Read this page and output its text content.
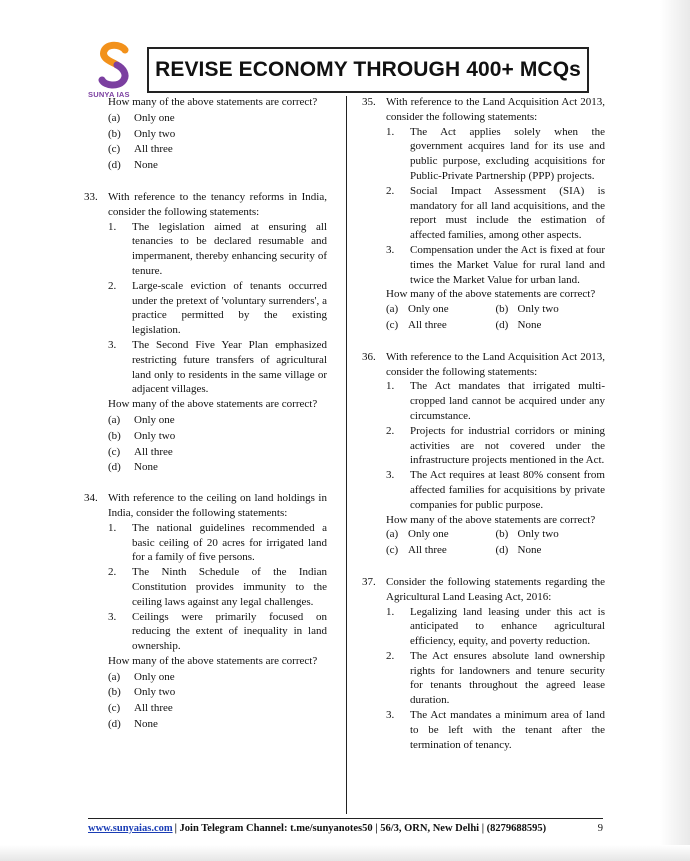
SUNYA IAS
REVISE ECONOMY THROUGH 400+ MCQs
How many of the above statements are correct?
(a)	Only one
(b)	Only two
(c)	All three
(d)	None
33. With reference to the tenancy reforms in India, consider the following statements:
1.	The legislation aimed at ensuring all tenancies to be declared resumable and impermanent, thereby enhancing security of tenure.
2.	Large-scale eviction of tenants occurred under the pretext of 'voluntary surrenders', a practice permitted by the existing legislation.
3.	The Second Five Year Plan emphasized restricting future transfers of agricultural land only to residents in the same village or adjacent villages.
How many of the above statements are correct?
(a)	Only one
(b)	Only two
(c)	All three
(d)	None
34. With reference to the ceiling on land holdings in India, consider the following statements:
1.	The national guidelines recommended a basic ceiling of 20 acres for irrigated land for a family of five persons.
2.	The Ninth Schedule of the Indian Constitution provides immunity to the ceiling laws against any legal challenges.
3.	Ceilings were primarily focused on reducing the extent of inequality in land ownership.
How many of the above statements are correct?
(a)	Only one
(b)	Only two
(c)	All three
(d)	None
35. With reference to the Land Acquisition Act 2013, consider the following statements:
1.	The Act applies solely when the government acquires land for its use and public purpose, excluding acquisitions for Public-Private Partnership (PPP) projects.
2.	Social Impact Assessment (SIA) is mandatory for all land acquisitions, and the report must include the estimation of affected families, among other aspects.
3.	Compensation under the Act is fixed at four times the Market Value for rural land and twice the Market Value for urban land.
How many of the above statements are correct?
(a) Only one	(b) Only two
(c) All three	(d) None
36. With reference to the Land Acquisition Act 2013, consider the following statements:
1.	The Act mandates that irrigated multi-cropped land cannot be acquired under any circumstance.
2.	Projects for industrial corridors or mining activities are not covered under the infrastructure projects mentioned in the Act.
3.	The Act requires at least 80% consent from affected families for acquisitions by private companies for public purpose.
How many of the above statements are correct?
(a) Only one	(b) Only two
(c) All three	(d) None
37. Consider the following statements regarding the Agricultural Land Leasing Act, 2016:
1.	Legalizing land leasing under this act is anticipated to enhance agricultural efficiency, equity, and poverty reduction.
2.	The Act ensures absolute land ownership rights for landowners and tenure security for tenants throughout the agreed lease duration.
3.	The Act mandates a minimum area of land to be left with the tenant after the termination of tenancy.
www.sunyaias.com | Join Telegram Channel: t.me/sunyanotes50 | 56/3, ORN, New Delhi | (8279688595)	9
